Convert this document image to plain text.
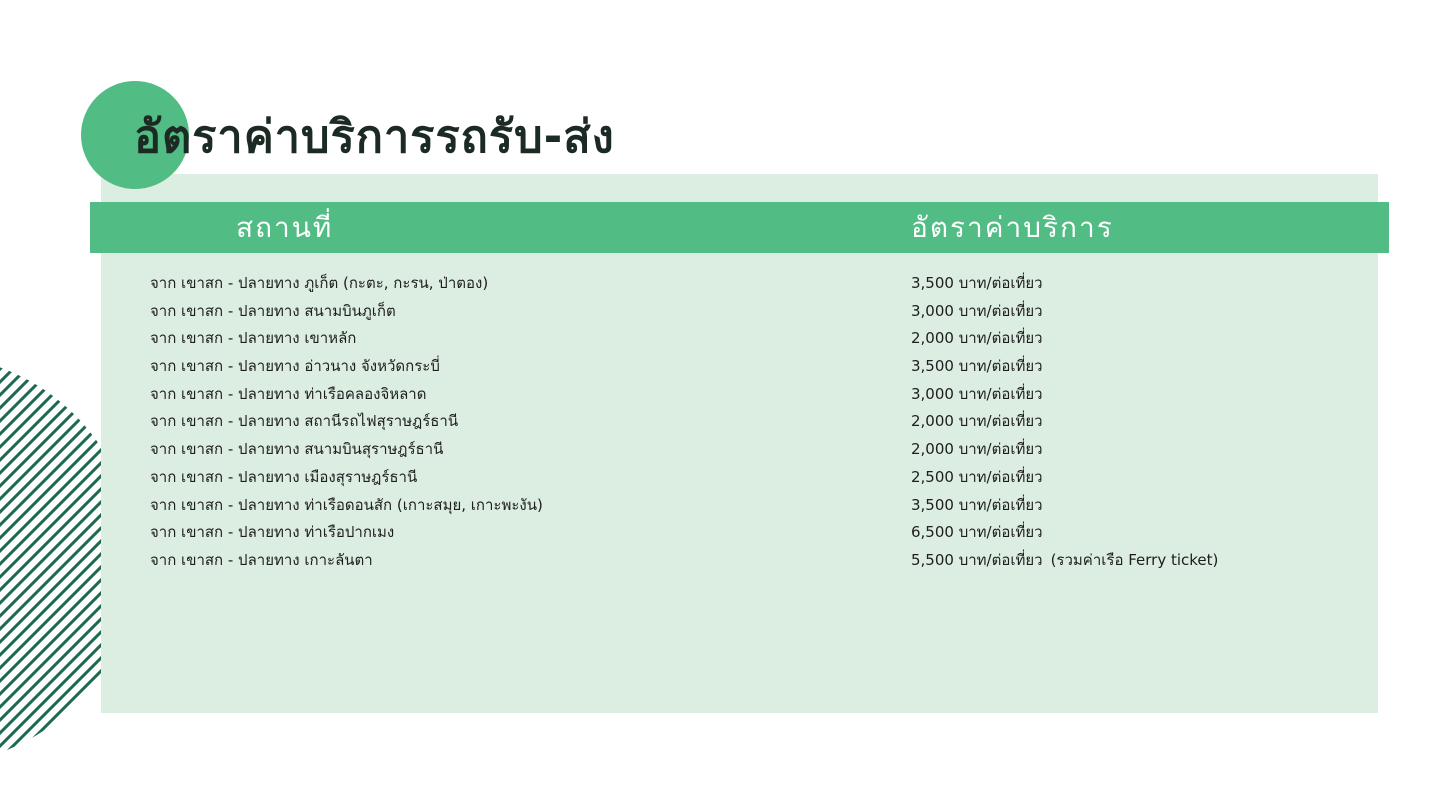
อัตราค่าบริการรถรับ-ส่ง
สถานที่	อัตราค่าบริการ
จาก เขาสก - ปลายทาง ภูเก็ต (กะตะ, กะรน, ป่าตอง)	3,500 บาท/ต่อเที่ยว
จาก เขาสก - ปลายทาง สนามบินภูเก็ต	3,000 บาท/ต่อเที่ยว
จาก เขาสก - ปลายทาง เขาหลัก	2,000 บาท/ต่อเที่ยว
จาก เขาสก - ปลายทาง อ่าวนาง จังหวัดกระบี่	3,500 บาท/ต่อเที่ยว
จาก เขาสก - ปลายทาง ท่าเรือคลองจิหลาด	3,000 บาท/ต่อเที่ยว
จาก เขาสก - ปลายทาง สถานีรถไฟสุราษฎร์ธานี	2,000 บาท/ต่อเที่ยว
จาก เขาสก - ปลายทาง สนามบินสุราษฎร์ธานี	2,000 บาท/ต่อเที่ยว
จาก เขาสก - ปลายทาง เมืองสุราษฎร์ธานี	2,500 บาท/ต่อเที่ยว
จาก เขาสก - ปลายทาง ท่าเรือดอนสัก (เกาะสมุย, เกาะพะงัน)	3,500 บาท/ต่อเที่ยว
จาก เขาสก - ปลายทาง ท่าเรือปากเมง	6,500 บาท/ต่อเที่ยว
จาก เขาสก - ปลายทาง เกาะลันตา	5,500 บาท/ต่อเที่ยว (รวมค่าเรือ Ferry ticket)
